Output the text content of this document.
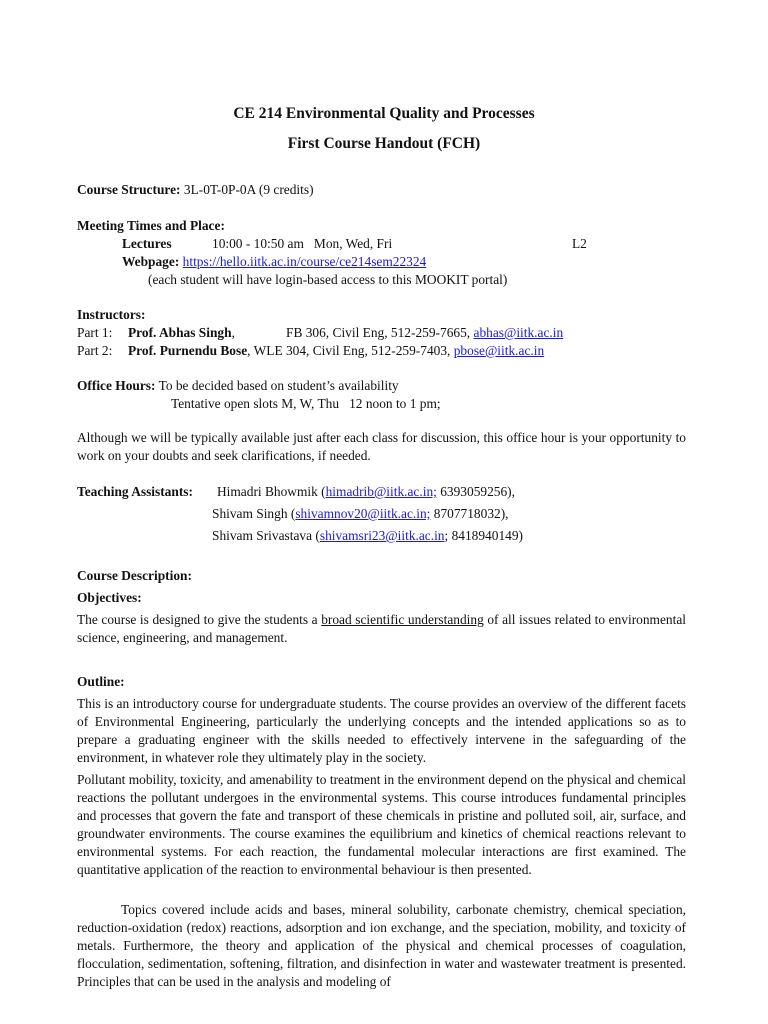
CE 214 Environmental Quality and Processes
First Course Handout (FCH)
Course Structure: 3L-0T-0P-0A (9 credits)
Meeting Times and Place:
Lectures	10:00 - 10:50 am   Mon, Wed, Fri	L2
Webpage: https://hello.iitk.ac.in/course/ce214sem22324
(each student will have login-based access to this MOOKIT portal)
Instructors:
Part 1: Prof. Abhas Singh,	FB 306, Civil Eng, 512-259-7665, abhas@iitk.ac.in
Part 2: Prof. Purnendu Bose, WLE 304, Civil Eng, 512-259-7403, pbose@iitk.ac.in
Office Hours: To be decided based on student’s availability
Tentative open slots M, W, Thu   12 noon to 1 pm;
Although we will be typically available just after each class for discussion, this office hour is your opportunity to work on your doubts and seek clarifications, if needed.
Teaching Assistants: Himadri Bhowmik (himadrib@iitk.ac.in; 6393059256),
Shivam Singh (shivamnov20@iitk.ac.in; 8707718032),
Shivam Srivastava (shivamsri23@iitk.ac.in; 8418940149)
Course Description:
Objectives:
The course is designed to give the students a broad scientific understanding of all issues related to environmental science, engineering, and management.
Outline:
This is an introductory course for undergraduate students. The course provides an overview of the different facets of Environmental Engineering, particularly the underlying concepts and the intended applications so as to prepare a graduating engineer with the skills needed to effectively intervene in the safeguarding of the environment, in whatever role they ultimately play in the society.
Pollutant mobility, toxicity, and amenability to treatment in the environment depend on the physical and chemical reactions the pollutant undergoes in the environmental systems. This course introduces fundamental principles and processes that govern the fate and transport of these chemicals in pristine and polluted soil, air, surface, and groundwater environments. The course examines the equilibrium and kinetics of chemical reactions relevant to environmental systems. For each reaction, the fundamental molecular interactions are first examined. The quantitative application of the reaction to environmental behaviour is then presented.
Topics covered include acids and bases, mineral solubility, carbonate chemistry, chemical speciation, reduction-oxidation (redox) reactions, adsorption and ion exchange, and the speciation, mobility, and toxicity of metals. Furthermore, the theory and application of the physical and chemical processes of coagulation, flocculation, sedimentation, softening, filtration, and disinfection in water and wastewater treatment is presented. Principles that can be used in the analysis and modeling of
